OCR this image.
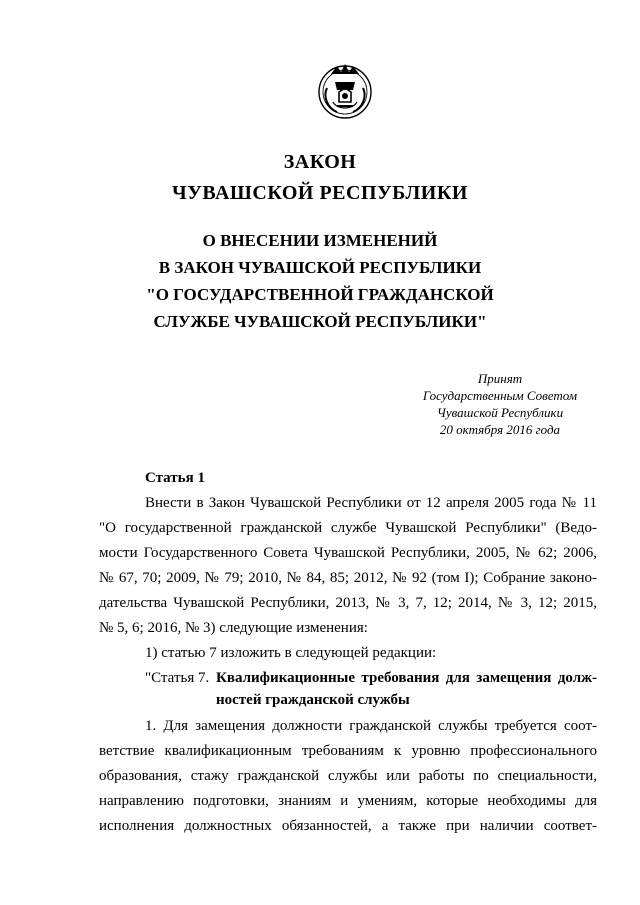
ЗАКОН
ЧУВАШСКОЙ РЕСПУБЛИКИ
О ВНЕСЕНИИ ИЗМЕНЕНИЙ
В ЗАКОН ЧУВАШСКОЙ РЕСПУБЛИКИ
"О ГОСУДАРСТВЕННОЙ ГРАЖДАНСКОЙ
СЛУЖБЕ ЧУВАШСКОЙ РЕСПУБЛИКИ"
Принят
Государственным Советом
Чувашской Республики
20 октября 2016 года
Статья 1
Внести в Закон Чувашской Республики от 12 апреля 2005 года № 11
"О государственной гражданской службе Чувашской Республики" (Ведо-
мости Государственного Совета Чувашской Республики, 2005, № 62; 2006,
№ 67, 70; 2009, № 79; 2010, № 84, 85; 2012, № 92 (том I); Собрание законо-
дательства Чувашской Республики, 2013, № 3, 7, 12; 2014, № 3, 12; 2015,
№ 5, 6; 2016, № 3) следующие изменения:
1) статью 7 изложить в следующей редакции:
"Статья 7. Квалификационные требования для замещения долж-
ностей гражданской службы
1. Для замещения должности гражданской службы требуется соот-
ветствие квалификационным требованиям к уровню профессионального
образования, стажу гражданской службы или работы по специальности,
направлению подготовки, знаниям и умениям, которые необходимы для
исполнения должностных обязанностей, а также при наличии соответ-
